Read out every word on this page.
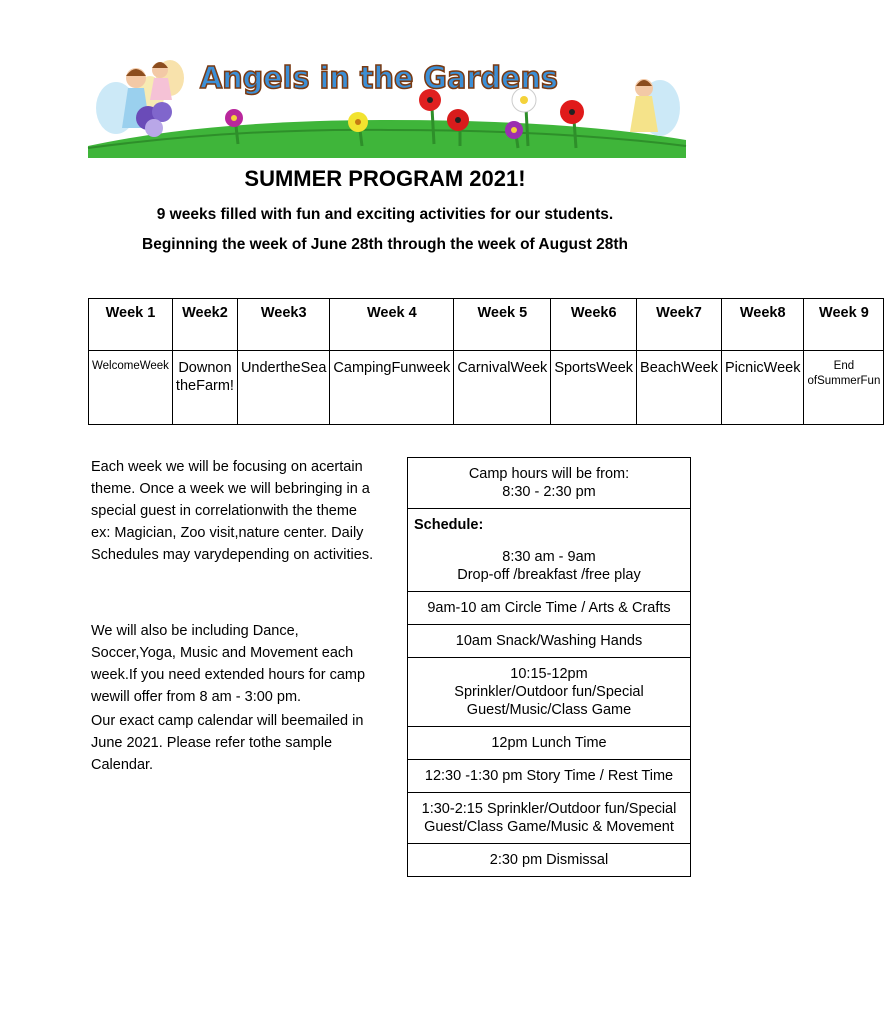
Angels in the Gardens
SUMMER PROGRAM 2021!
9 weeks filled with fun and exciting activities for our students.
Beginning the week of June 28th through the week of August 28th
Week 1	Week2	Week3	Week 4	Week 5	Week6	Week7	Week8	Week 9
WelcomeWeek	Downon theFarm!	UndertheSea	CampingFunweek	CarnivalWeek	SportsWeek	BeachWeek	PicnicWeek	End ofSummerFun
Each week we will be focusing on acertain theme. Once a week we will bebringing in a special guest in correlationwith the theme ex: Magician, Zoo visit,nature center. Daily Schedules may varydepending on activities.
We will also be including Dance, Soccer,Yoga, Music and Movement each week.If you need extended hours for camp wewill offer from 8 am - 3:00 pm.
Our exact camp calendar will beemailed in June 2021. Please refer tothe sample Calendar.
Camp hours will be from:
8:30 - 2:30 pm
Schedule:
8:30 am - 9am
Drop-off /breakfast /free play
9am-10 am Circle Time / Arts & Crafts
10am Snack/Washing Hands
10:15-12pm
Sprinkler/Outdoor fun/Special
Guest/Music/Class Game
12pm Lunch Time
12:30 -1:30 pm Story Time / Rest Time
1:30-2:15 Sprinkler/Outdoor fun/Special
Guest/Class Game/Music & Movement
2:30 pm Dismissal
